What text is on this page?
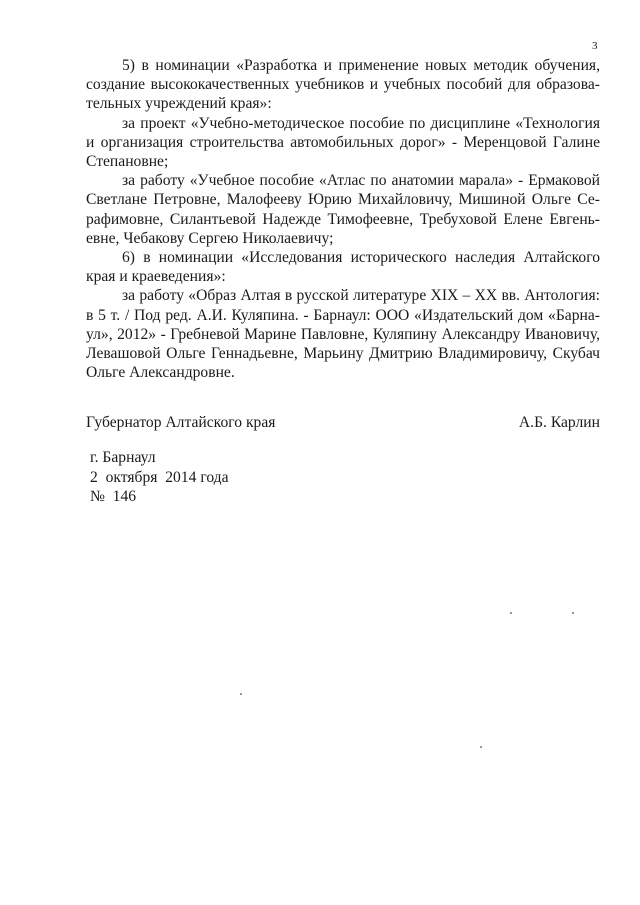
3

5) в номинации «Разработка и применение новых методик обучения, создание высококачественных учебников и учебных пособий для образовательных учреждений края»:

за проект «Учебно-методическое пособие по дисциплине «Технология и организация строительства автомобильных дорог» - Меренцовой Галине Степановне;

за работу «Учебное пособие «Атлас по анатомии марала» - Ермаковой Светлане Петровне, Малофееву Юрию Михайловичу, Мишиной Ольге Серафимовне, Силантьевой Надежде Тимофеевне, Требуховой Елене Евгеньевне, Чебакову Сергею Николаевичу;

6) в номинации «Исследования исторического наследия Алтайского края и краеведения»:

за работу «Образ Алтая в русской литературе XIX – XX вв. Антология: в 5 т. / Под ред. А.И. Куляпина. - Барнаул: ООО «Издательский дом «Барнаул», 2012» - Гребневой Марине Павловне, Куляпину Александру Ивановичу, Левашовой Ольге Геннадьевне, Марьину Дмитрию Владимировичу, Скубач Ольге Александровне.

Губернатор Алтайского края	А.Б. Карлин
г. Барнаул
2  октября  2014 года
№  146
